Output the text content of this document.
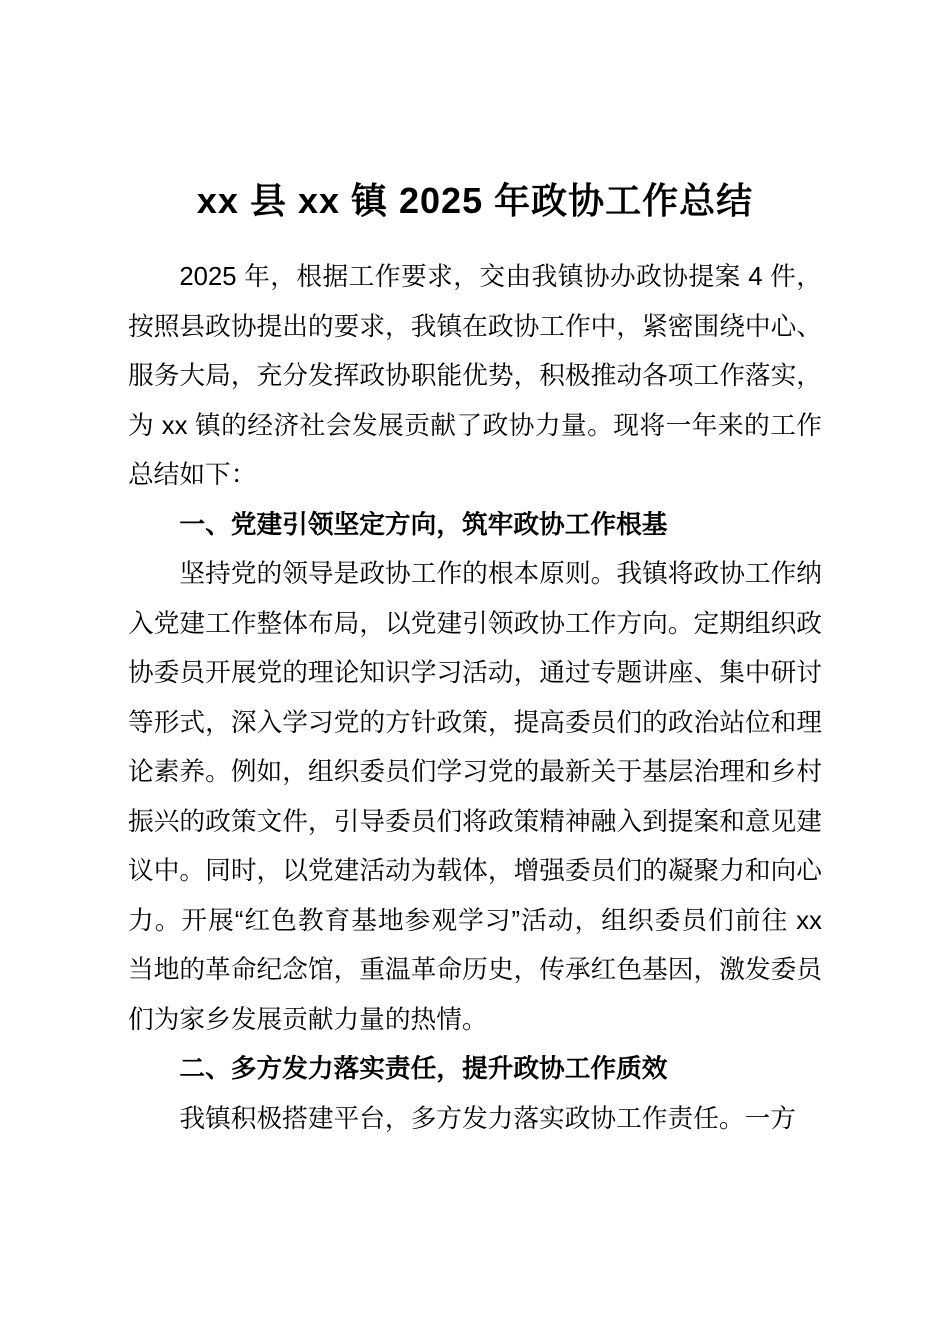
xx 县 xx 镇 2025 年政协工作总结

2025 年，根据工作要求，交由我镇协办政协提案 4 件，按照县政协提出的要求，我镇在政协工作中，紧密围绕中心、服务大局，充分发挥政协职能优势，积极推动各项工作落实，为 xx 镇的经济社会发展贡献了政协力量。现将一年来的工作总结如下：

一、党建引领坚定方向，筑牢政协工作根基

坚持党的领导是政协工作的根本原则。我镇将政协工作纳入党建工作整体布局，以党建引领政协工作方向。定期组织政协委员开展党的理论知识学习活动，通过专题讲座、集中研讨等形式，深入学习党的方针政策，提高委员们的政治站位和理论素养。例如，组织委员们学习党的最新关于基层治理和乡村振兴的政策文件，引导委员们将政策精神融入到提案和意见建议中。同时，以党建活动为载体，增强委员们的凝聚力和向心力。开展“红色教育基地参观学习”活动，组织委员们前往 xx 当地的革命纪念馆，重温革命历史，传承红色基因，激发委员们为家乡发展贡献力量的热情。

二、多方发力落实责任，提升政协工作质效

我镇积极搭建平台，多方发力落实政协工作责任。一方
